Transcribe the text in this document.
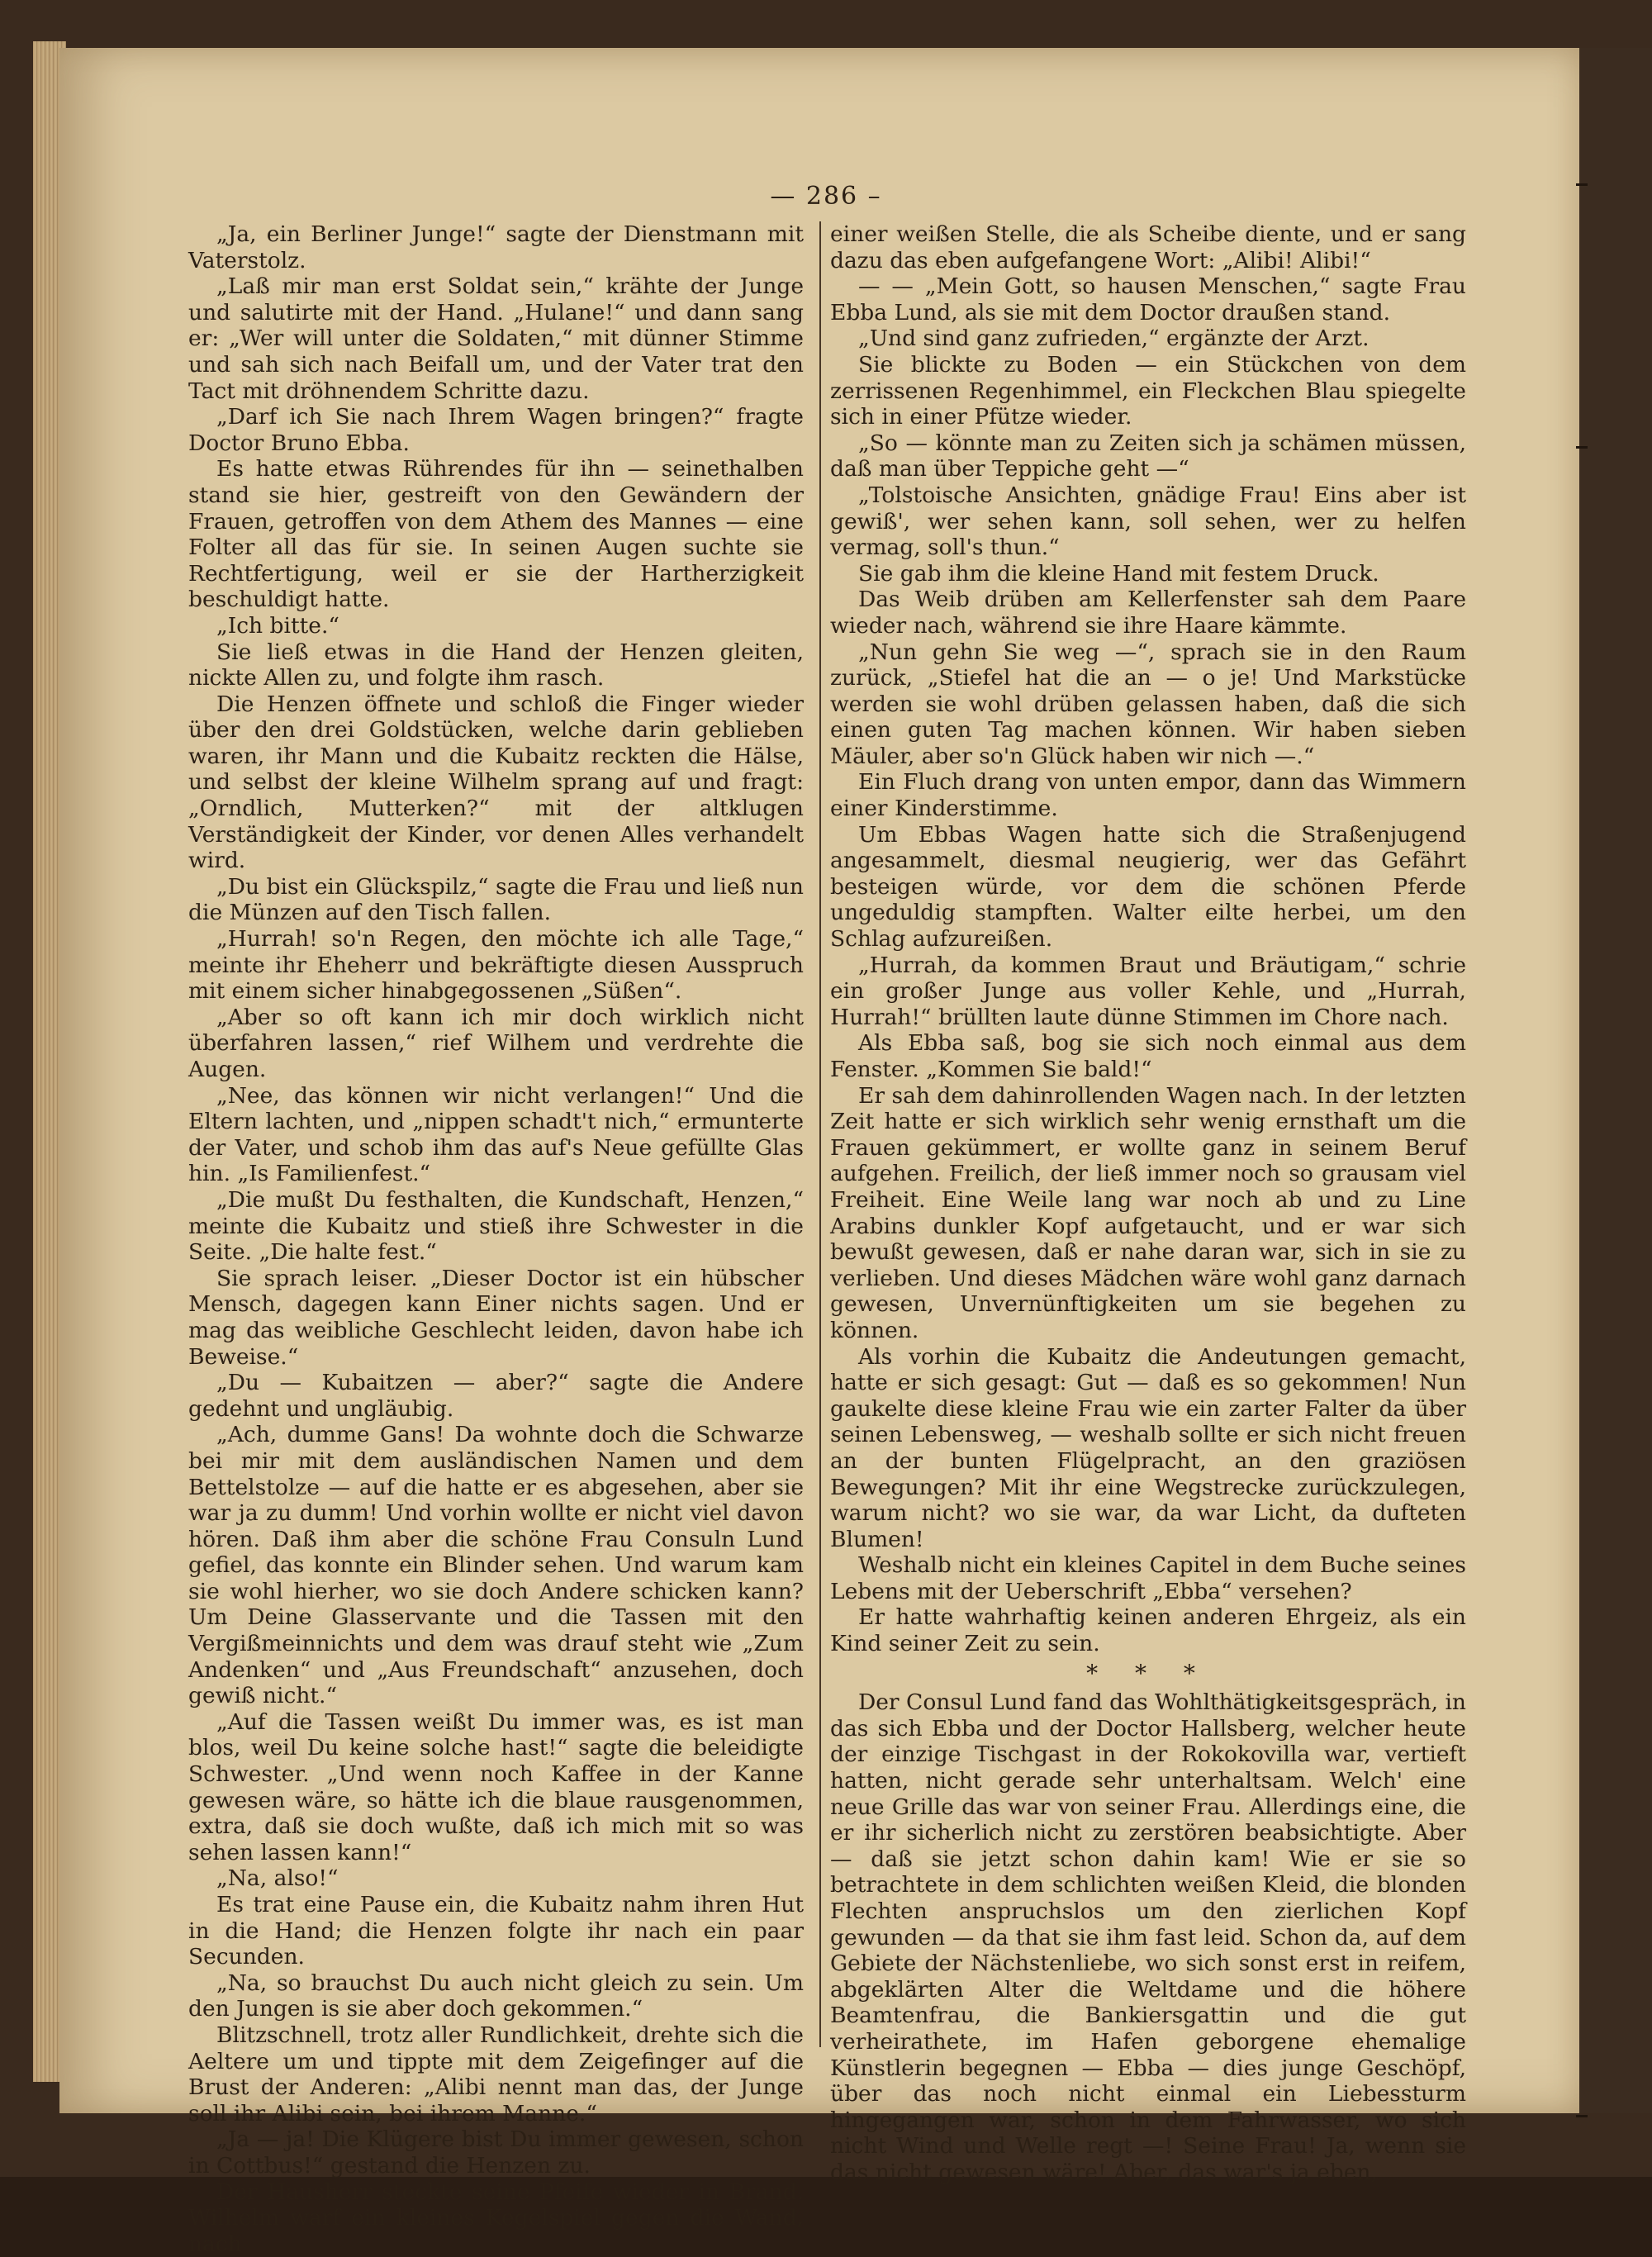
— 286 –

„Ja, ein Berliner Junge!“ sagte der Dienstmann mit Vaterstolz.

„Laß mir man erst Soldat sein,“ krähte der Junge und salutirte mit der Hand. „Hulane!“ und dann sang er: „Wer will unter die Soldaten,“ mit dünner Stimme und sah sich nach Beifall um, und der Vater trat den Tact mit dröhnendem Schritte dazu.

„Darf ich Sie nach Ihrem Wagen bringen?“ fragte Doctor Bruno Ebba.

Es hatte etwas Rührendes für ihn — seinethalben stand sie hier, gestreift von den Gewändern der Frauen, getroffen von dem Athem des Mannes — eine Folter all das für sie. In seinen Augen suchte sie Rechtfertigung, weil er sie der Hartherzigkeit beschuldigt hatte.

„Ich bitte.“

Sie ließ etwas in die Hand der Henzen gleiten, nickte Allen zu, und folgte ihm rasch.

Die Henzen öffnete und schloß die Finger wieder über den drei Goldstücken, welche darin geblieben waren, ihr Mann und die Kubaitz reckten die Hälse, und selbst der kleine Wilhelm sprang auf und fragt: „Orndlich, Mutterken?“ mit der altklugen Verständigkeit der Kinder, vor denen Alles verhandelt wird.

„Du bist ein Glückspilz,“ sagte die Frau und ließ nun die Münzen auf den Tisch fallen.

„Hurrah! so'n Regen, den möchte ich alle Tage,“ meinte ihr Eheherr und bekräftigte diesen Ausspruch mit einem sicher hinabgegossenen „Süßen“.

„Aber so oft kann ich mir doch wirklich nicht überfahren lassen,“ rief Wilhem und verdrehte die Augen.

„Nee, das können wir nicht verlangen!“ Und die Eltern lachten, und „nippen schadt't nich,“ ermunterte der Vater, und schob ihm das auf's Neue gefüllte Glas hin. „Is Familienfest.“

„Die mußt Du festhalten, die Kundschaft, Henzen,“ meinte die Kubaitz und stieß ihre Schwester in die Seite. „Die halte fest.“

Sie sprach leiser. „Dieser Doctor ist ein hübscher Mensch, dagegen kann Einer nichts sagen. Und er mag das weibliche Geschlecht leiden, davon habe ich Beweise.“

„Du — Kubaitzen — aber?“ sagte die Andere gedehnt und ungläubig.

„Ach, dumme Gans! Da wohnte doch die Schwarze bei mir mit dem ausländischen Namen und dem Bettelstolze — auf die hatte er es abgesehen, aber sie war ja zu dumm! Und vorhin wollte er nicht viel davon hören. Daß ihm aber die schöne Frau Consuln Lund gefiel, das konnte ein Blinder sehen. Und warum kam sie wohl hierher, wo sie doch Andere schicken kann? Um Deine Glasservante und die Tassen mit den Vergißmeinnichts und dem was drauf steht wie „Zum Andenken“ und „Aus Freundschaft“ anzusehen, doch gewiß nicht.“

„Auf die Tassen weißt Du immer was, es ist man blos, weil Du keine solche hast!“ sagte die beleidigte Schwester. „Und wenn noch Kaffee in der Kanne gewesen wäre, so hätte ich die blaue rausgenommen, extra, daß sie doch wußte, daß ich mich mit so was sehen lassen kann!“

„Na, also!“

Es trat eine Pause ein, die Kubaitz nahm ihren Hut in die Hand; die Henzen folgte ihr nach ein paar Secunden.

„Na, so brauchst Du auch nicht gleich zu sein. Um den Jungen is sie aber doch gekommen.“

Blitzschnell, trotz aller Rundlichkeit, drehte sich die Aeltere um und tippte mit dem Zeigefinger auf die Brust der Anderen: „Alibi nennt man das, der Junge soll ihr Alibi sein, bei ihrem Manne.“

„Ja — ja! Die Klügere bist Du immer gewesen, schon in Cottbus!“ gestand die Henzen zu.

Der Hausherr steckte seine Pfeife wieder in Brand. Wilhelm warf ein kleines Kegelspiel gegen die Wand, nach

einer weißen Stelle, die als Scheibe diente, und er sang dazu das eben aufgefangene Wort: „Alibi! Alibi!“

— — „Mein Gott, so hausen Menschen,“ sagte Frau Ebba Lund, als sie mit dem Doctor draußen stand.

„Und sind ganz zufrieden,“ ergänzte der Arzt.

Sie blickte zu Boden — ein Stückchen von dem zerrissenen Regenhimmel, ein Fleckchen Blau spiegelte sich in einer Pfütze wieder.

„So — könnte man zu Zeiten sich ja schämen müssen, daß man über Teppiche geht —“

„Tolstoische Ansichten, gnädige Frau! Eins aber ist gewiß', wer sehen kann, soll sehen, wer zu helfen vermag, soll's thun.“

Sie gab ihm die kleine Hand mit festem Druck.

Das Weib drüben am Kellerfenster sah dem Paare wieder nach, während sie ihre Haare kämmte.

„Nun gehn Sie weg —“, sprach sie in den Raum zurück, „Stiefel hat die an — o je! Und Markstücke werden sie wohl drüben gelassen haben, daß die sich einen guten Tag machen können. Wir haben sieben Mäuler, aber so'n Glück haben wir nich —.“

Ein Fluch drang von unten empor, dann das Wimmern einer Kinderstimme.

Um Ebbas Wagen hatte sich die Straßenjugend angesammelt, diesmal neugierig, wer das Gefährt besteigen würde, vor dem die schönen Pferde ungeduldig stampften. Walter eilte herbei, um den Schlag aufzureißen.

„Hurrah, da kommen Braut und Bräutigam,“ schrie ein großer Junge aus voller Kehle, und „Hurrah, Hurrah!“ brüllten laute dünne Stimmen im Chore nach.

Als Ebba saß, bog sie sich noch einmal aus dem Fenster. „Kommen Sie bald!“

Er sah dem dahinrollenden Wagen nach. In der letzten Zeit hatte er sich wirklich sehr wenig ernsthaft um die Frauen gekümmert, er wollte ganz in seinem Beruf aufgehen. Freilich, der ließ immer noch so grausam viel Freiheit. Eine Weile lang war noch ab und zu Line Arabins dunkler Kopf aufgetaucht, und er war sich bewußt gewesen, daß er nahe daran war, sich in sie zu verlieben. Und dieses Mädchen wäre wohl ganz darnach gewesen, Unvernünftigkeiten um sie begehen zu können.

Als vorhin die Kubaitz die Andeutungen gemacht, hatte er sich gesagt: Gut — daß es so gekommen! Nun gaukelte diese kleine Frau wie ein zarter Falter da über seinen Lebensweg, — weshalb sollte er sich nicht freuen an der bunten Flügelpracht, an den graziösen Bewegungen? Mit ihr eine Wegstrecke zurückzulegen, warum nicht? wo sie war, da war Licht, da dufteten Blumen!

Weshalb nicht ein kleines Capitel in dem Buche seines Lebens mit der Ueberschrift „Ebba“ versehen?

Er hatte wahrhaftig keinen anderen Ehrgeiz, als ein Kind seiner Zeit zu sein.

* * *

Der Consul Lund fand das Wohlthätigkeitsgespräch, in das sich Ebba und der Doctor Hallsberg, welcher heute der einzige Tischgast in der Rokokovilla war, vertieft hatten, nicht gerade sehr unterhaltsam. Welch' eine neue Grille das war von seiner Frau. Allerdings eine, die er ihr sicherlich nicht zu zerstören beabsichtigte. Aber — daß sie jetzt schon dahin kam! Wie er sie so betrachtete in dem schlichten weißen Kleid, die blonden Flechten anspruchslos um den zierlichen Kopf gewunden — da that sie ihm fast leid. Schon da, auf dem Gebiete der Nächstenliebe, wo sich sonst erst in reifem, abgeklärten Alter die Weltdame und die höhere Beamtenfrau, die Bankiersgattin und die gut verheirathete, im Hafen geborgene ehemalige Künstlerin begegnen — Ebba — dies junge Geschöpf, über das noch nicht einmal ein Liebessturm hingegangen war, schon in dem Fahrwasser, wo sich nicht Wind und Welle regt —! Seine Frau! Ja, wenn sie das nicht gewesen wäre! Aber, das war's ja eben,
